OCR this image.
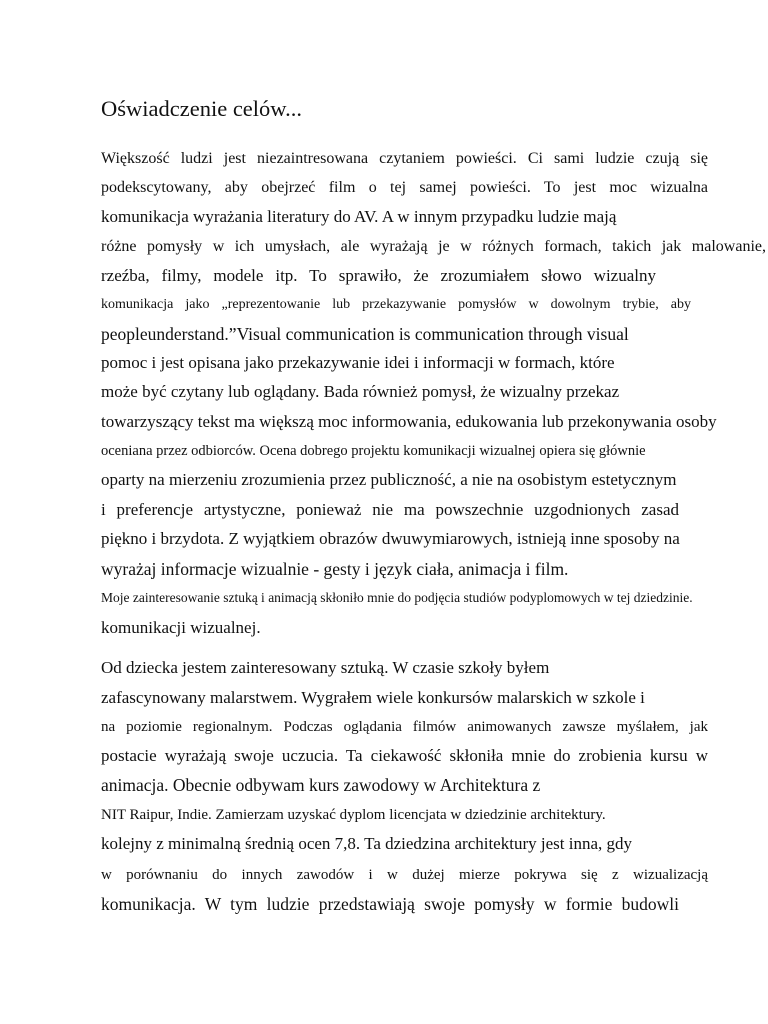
Oświadczenie celów...
Większość ludzi jest niezaintresowana czytaniem powieści. Ci sami ludzie czują się
podekscytowany, aby obejrzeć film o tej samej powieści. To jest moc wizualna
komunikacja wyrażania literatury do AV. A w innym przypadku ludzie mają
różne pomysły w ich umysłach, ale wyrażają je w różnych formach, takich jak malowanie,
rzeźba, filmy, modele itp. To sprawiło, że zrozumiałem słowo wizualny
komunikacja jako „reprezentowanie lub przekazywanie pomysłów w dowolnym trybie, aby
peopleunderstand.”Visual communication is communication through visual
pomoc i jest opisana jako przekazywanie idei i informacji w formach, które
może być czytany lub oglądany. Bada również pomysł, że wizualny przekaz
towarzyszący tekst ma większą moc informowania, edukowania lub przekonywania osoby
oceniana przez odbiorców. Ocena dobrego projektu komunikacji wizualnej opiera się głównie
oparty na mierzeniu zrozumienia przez publiczność, a nie na osobistym estetycznym
i preferencje artystyczne, ponieważ nie ma powszechnie uzgodnionych zasad
piękno i brzydota. Z wyjątkiem obrazów dwuwymiarowych, istnieją inne sposoby na
wyrażaj informacje wizualnie - gesty i język ciała, animacja i film.
Moje zainteresowanie sztuką i animacją skłoniło mnie do podjęcia studiów podyplomowych w tej dziedzinie.
komunikacji wizualnej.
Od dziecka jestem zainteresowany sztuką. W czasie szkoły byłem
zafascynowany malarstwem. Wygrałem wiele konkursów malarskich w szkole i
na poziomie regionalnym. Podczas oglądania filmów animowanych zawsze myślałem, jak
postacie wyrażają swoje uczucia. Ta ciekawość skłoniła mnie do zrobienia kursu w
animacja. Obecnie odbywam kurs zawodowy w Architektura z
NIT Raipur, Indie. Zamierzam uzyskać dyplom licencjata w dziedzinie architektury.
kolejny z minimalną średnią ocen 7,8. Ta dziedzina architektury jest inna, gdy
w porównaniu do innych zawodów i w dużej mierze pokrywa się z wizualizacją
komunikacja. W tym ludzie przedstawiają swoje pomysły w formie budowli
